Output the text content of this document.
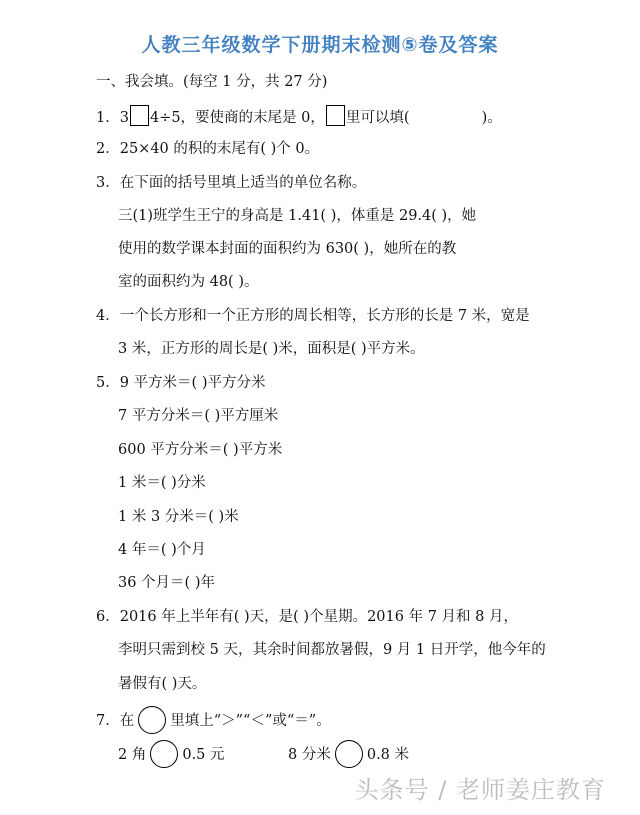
人教三年级数学下册期末检测⑤卷及答案
一、我会填。(每空 1 分，共 27 分)
1．3 4÷5，要使商的末尾是 0， 里可以填(	)。
2．25×40 的积的末尾有( )个 0。
3．在下面的括号里填上适当的单位名称。
三(1)班学生王宁的身高是 1.41( )，体重是 29.4( )，她
使用的数学课本封面的面积约为 630( )，她所在的教
室的面积约为 48( )。
4．一个长方形和一个正方形的周长相等，长方形的长是 7 米，宽是
3 米，正方形的周长是( )米，面积是( )平方米。
5．9 平方米＝( )平方分米
7 平方分米＝( )平方厘米
600 平方分米＝( )平方米
1 米＝( )分米
1 米 3 分米＝( )米
4 年＝( )个月
36 个月＝( )年
6．2016 年上半年有( )天，是( )个星期。2016 年 7 月和 8 月，
李明只需到校 5 天，其余时间都放暑假，9 月 1 日开学，他今年的
暑假有( )天。
7．在 里填上“＞”“＜”或“＝”。
2 角 0.5 元	8 分米 0.8 米
头条号 / 老师姜庄教育
